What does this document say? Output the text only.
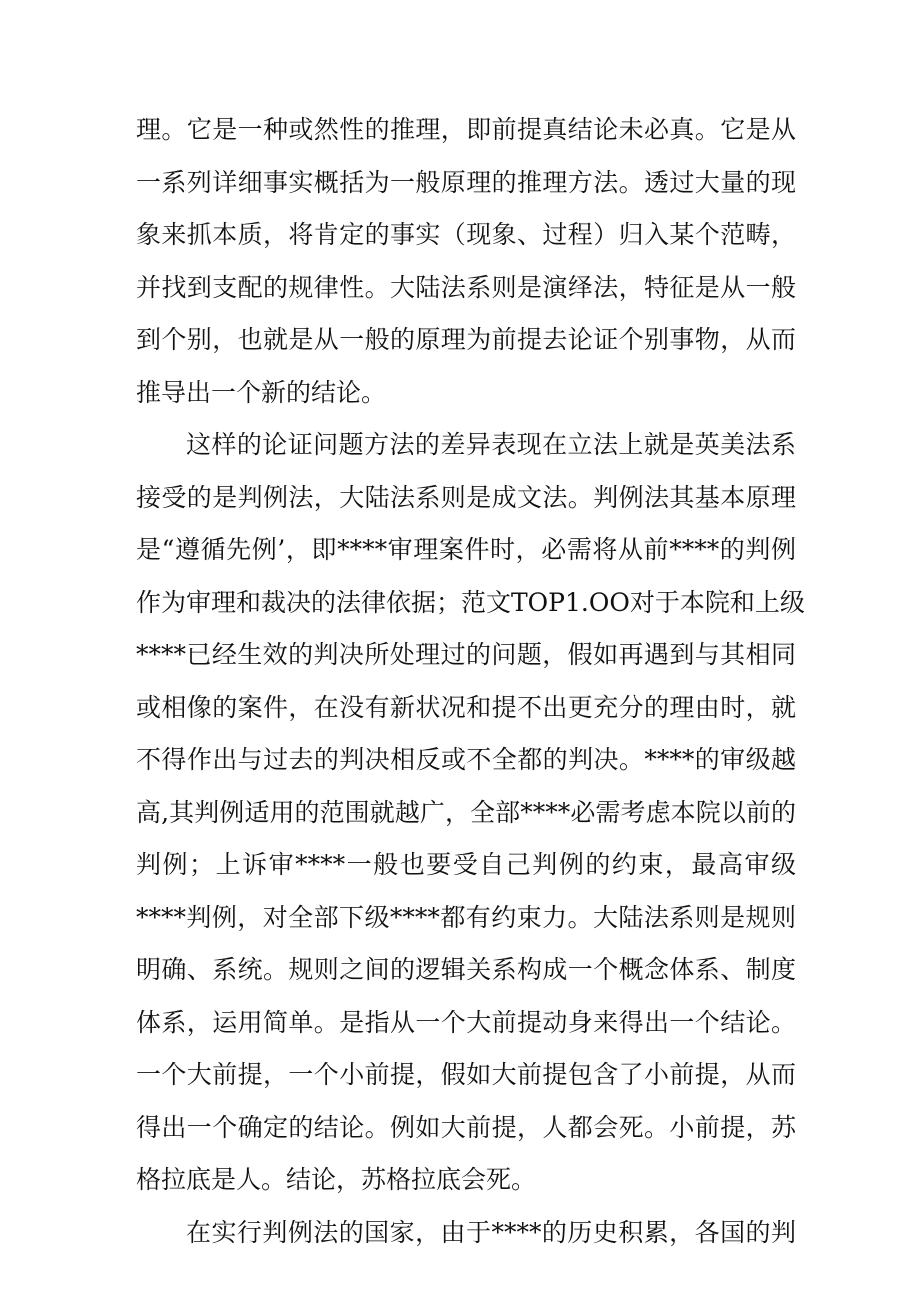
理。它是一种或然性的推理，即前提真结论未必真。它是从
一系列详细事实概括为一般原理的推理方法。透过大量的现
象来抓本质，将肯定的事实（现象、过程）归入某个范畴，
并找到支配的规律性。大陆法系则是演绎法，特征是从一般
到个别，也就是从一般的原理为前提去论证个别事物，从而
推导出一个新的结论。
这样的论证问题方法的差异表现在立法上就是英美法系
接受的是判例法，大陆法系则是成文法。判例法其基本原理
是“遵循先例’，即****审理案件时，必需将从前****的判例
作为审理和裁决的法律依据；范文TOP1.OO对于本院和上级
****已经生效的判决所处理过的问题，假如再遇到与其相同
或相像的案件，在没有新状况和提不出更充分的理由时，就
不得作出与过去的判决相反或不全都的判决。****的审级越
高,其判例适用的范围就越广，全部****必需考虑本院以前的
判例；上诉审****一般也要受自己判例的约束，最高审级
****判例，对全部下级****都有约束力。大陆法系则是规则
明确、系统。规则之间的逻辑关系构成一个概念体系、制度
体系，运用简单。是指从一个大前提动身来得出一个结论。
一个大前提，一个小前提，假如大前提包含了小前提，从而
得出一个确定的结论。例如大前提，人都会死。小前提，苏
格拉底是人。结论，苏格拉底会死。
在实行判例法的国家，由于****的历史积累，各国的判
